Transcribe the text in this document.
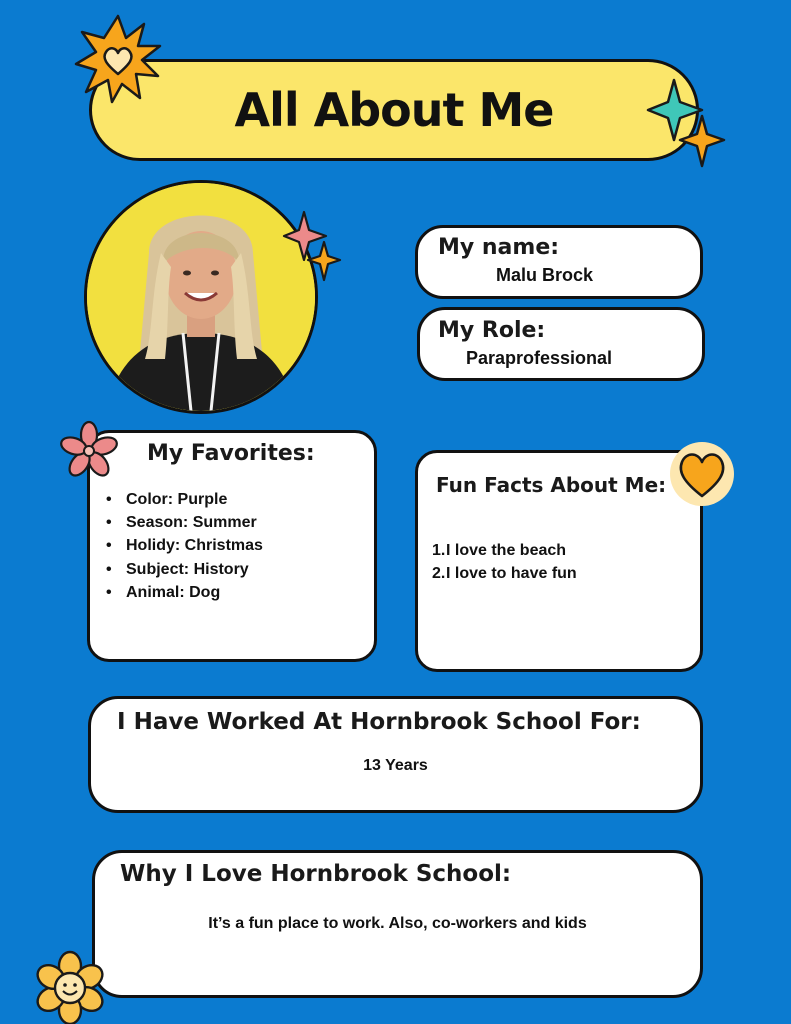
All About Me
My name:
Malu Brock
My Role:
Paraprofessional
My Favorites:
• Color: Purple
• Season: Summer
• Holidy: Christmas
• Subject: History
• Animal: Dog
Fun Facts About Me:
1.I love the beach
2.I love to have fun
I Have Worked At Hornbrook School For:
13 Years
Why I Love Hornbrook School:
It’s a fun place to work. Also, co-workers and kids
